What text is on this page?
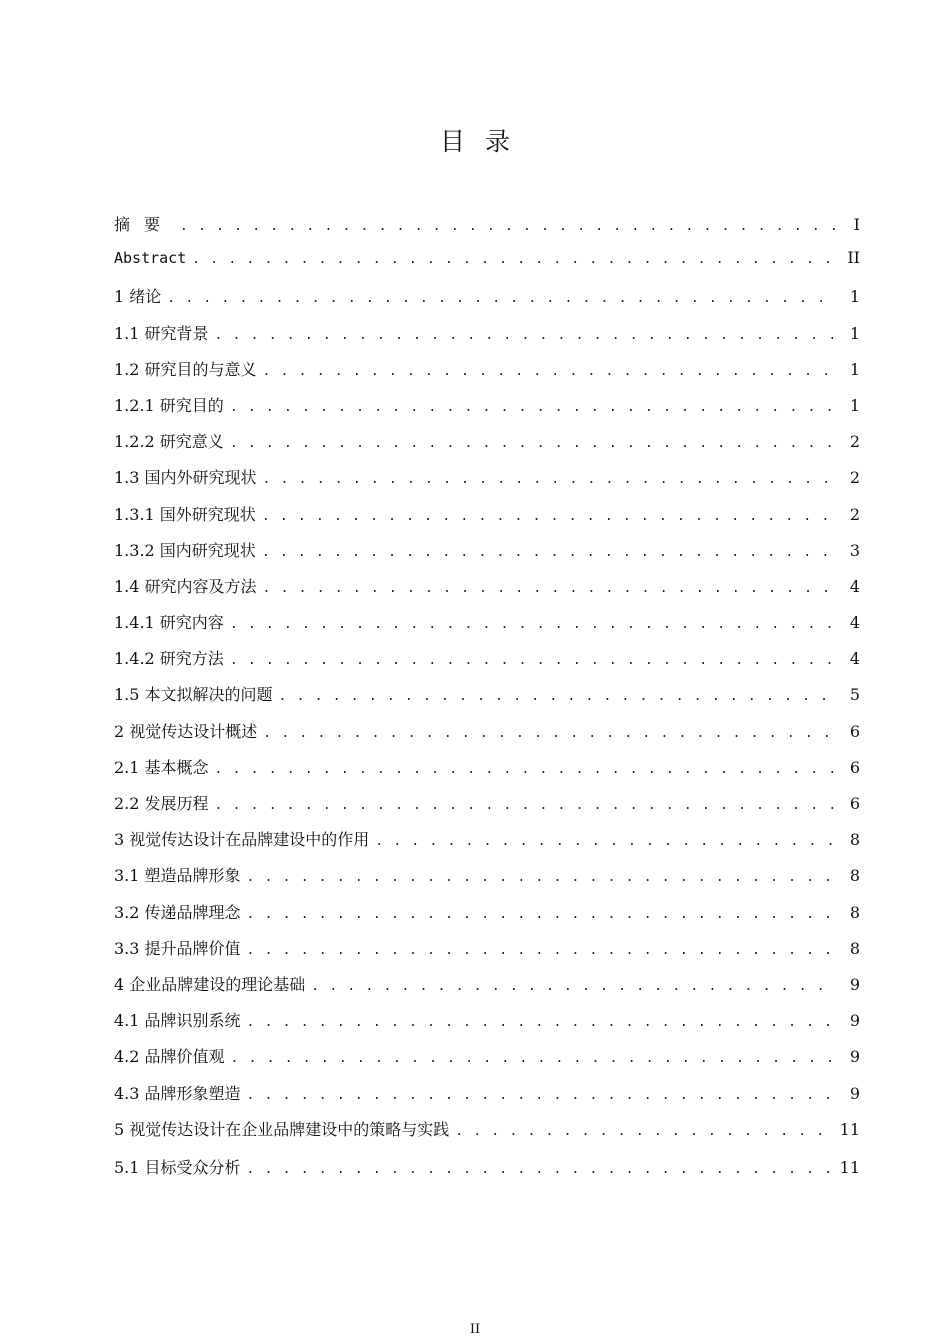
目录
摘要 . . .	I
Abstract . . .	II
1 绪论 . . .	1
1.1 研究背景 . . .	1
1.2 研究目的与意义 . . .	1
1.2.1 研究目的 . . .	1
1.2.2 研究意义 . . .	2
1.3 国内外研究现状 . . .	2
1.3.1 国外研究现状 . . .	2
1.3.2 国内研究现状 . . .	3
1.4 研究内容及方法 . . .	4
1.4.1 研究内容 . . .	4
1.4.2 研究方法 . . .	4
1.5 本文拟解决的问题 . . .	5
2 视觉传达设计概述 . . .	6
2.1 基本概念 . . .	6
2.2 发展历程 . . .	6
3 视觉传达设计在品牌建设中的作用 . . .	8
3.1 塑造品牌形象 . . .	8
3.2 传递品牌理念 . . .	8
3.3 提升品牌价值 . . .	8
4 企业品牌建设的理论基础 . . .	9
4.1 品牌识别系统 . . .	9
4.2 品牌价值观 . . .	9
4.3 品牌形象塑造 . . .	9
5 视觉传达设计在企业品牌建设中的策略与实践 . . .	11
5.1 目标受众分析 . . .	11
II
